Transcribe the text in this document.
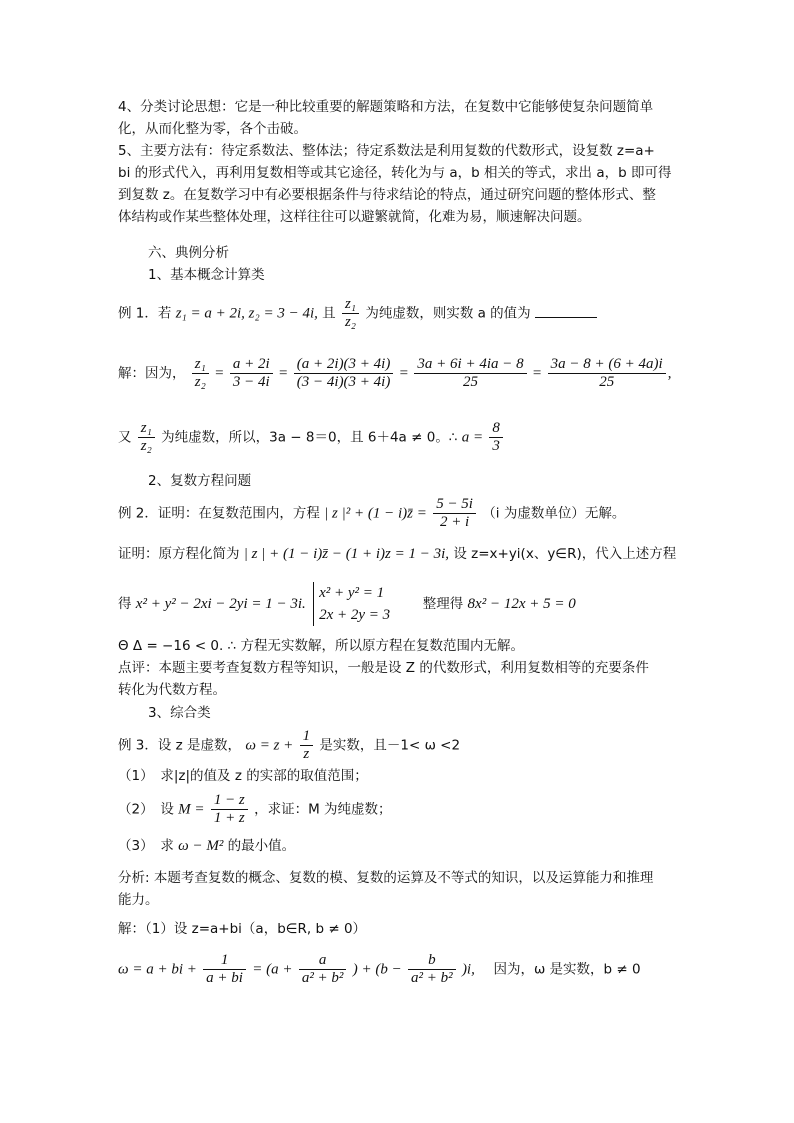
4、分类讨论思想：它是一种比较重要的解题策略和方法，在复数中它能够使复杂问题简单
化，从而化整为零，各个击破。
5、主要方法有：待定系数法、整体法；待定系数法是利用复数的代数形式，设复数 z=a+
bi 的形式代入，再利用复数相等或其它途径，转化为与 a，b 相关的等式，求出 a，b 即可得
到复数 z。在复数学习中有必要根据条件与待求结论的特点，通过研究问题的整体形式、整
体结构或作某些整体处理，这样往往可以避繁就简，化难为易，顺速解决问题。
六、典例分析
1、基本概念计算类
例 1．若 z₁ = a + 2i, z₂ = 3 − 4i, 且 $\frac{\text{z₁}}{\text{z₂}}$ 为纯虚数，则实数 a 的值为
解：因为， $\frac{\text{z₁}}{\text{z₂}} = \frac{a + 2i}{3 - 4i} = \frac{(a + 2i)(3 + 4i)}{(3 - 4i)(3 + 4i)} = \frac{3a + 6i + 4ia - 8}{25} = \frac{3a - 8 + (6 + 4a)i}{25}$ ,
又 $\frac{\text{z₁}}{\text{z₂}}$ 为纯虚数，所以，3a − 8＝0，且 6＋4a ≠ 0。∴ $a = \frac{8}{3}$
2、复数方程问题
例 2．证明：在复数范围内，方程 | z |² + (1 − i)z̄ = $\frac{5 - 5i}{2 + i} (i$ 为虚数单位）无解。
证明：原方程化简为 | z | + (1 − i)z̄ − (1 + i)z = 1 − 3i, 设 z=x+yi(x、y∈R)，代入上述方程
得 x² + y² − 2xi − 2yi = 1 − 3i.
x² + y² = 1
2x + 2y = 3
整理得 8x² − 12x + 5 = 0
Θ Δ = −16 < 0. ∴ 方程无实数解，所以原方程在复数范围内无解。
点评：本题主要考查复数方程等知识，一般是设 Z 的代数形式，利用复数相等的充要条件
转化为代数方程。
3、综合类
例 3．设 z 是虚数， $\omega = z + \frac{1}{z}$ 是实数，且－1< ω <2
（1）　求|z|的值及 z 的实部的取值范围；
（2）　设 $M = \frac{1 - z}{1 + z}$ ，求证：M 为纯虚数；
（3）　求 ω − M² 的最小值。
分析: 本题考查复数的概念、复数的模、复数的运算及不等式的知识，以及运算能力和推理
能力。
解：（1）设 z=a+bi（a，b∈R, b ≠ 0）
ω = a + bi + $\frac{1}{a + bi} = (a + \frac{a}{\text{a² + b²}}$ ) + $(b - \frac{b}{\text{a² + b²}} )i$, 因为，ω 是实数，b ≠ 0
